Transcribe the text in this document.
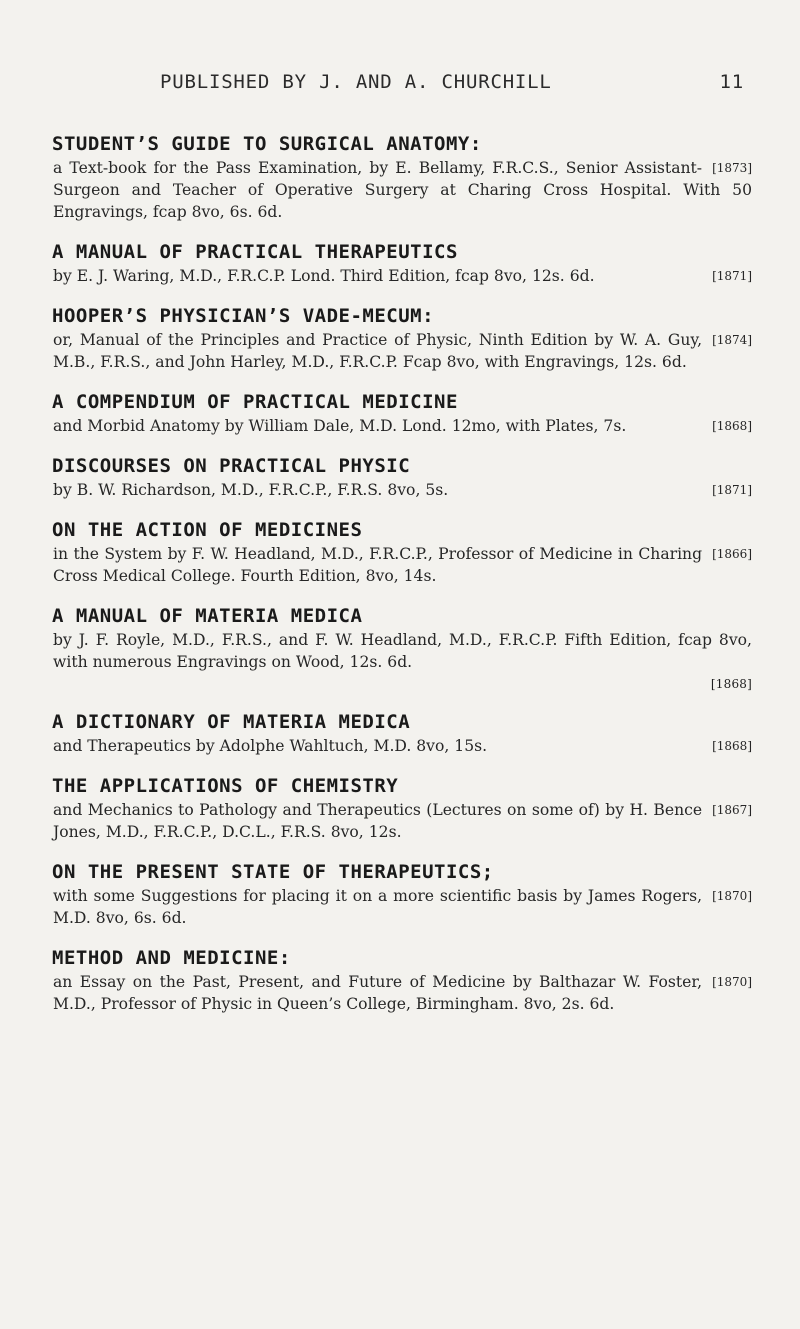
PUBLISHED BY J. AND A. CHURCHILL	11
STUDENT’S GUIDE TO SURGICAL ANATOMY:
[1873]
a Text-book for the Pass Examination, by E. Bellamy, F.R.C.S., Senior Assistant-Surgeon and Teacher of Operative Surgery at Charing Cross Hospital. With 50 Engravings, fcap 8vo, 6s. 6d.
A MANUAL OF PRACTICAL THERAPEUTICS
[1871]
by E. J. Waring, M.D., F.R.C.P. Lond. Third Edition, fcap 8vo, 12s. 6d.
HOOPER’S PHYSICIAN’S VADE-MECUM:
[1874]
or, Manual of the Principles and Practice of Physic, Ninth Edition by W. A. Guy, M.B., F.R.S., and John Harley, M.D., F.R.C.P. Fcap 8vo, with Engravings, 12s. 6d.
A COMPENDIUM OF PRACTICAL MEDICINE
[1868]
and Morbid Anatomy by William Dale, M.D. Lond. 12mo, with Plates, 7s.
DISCOURSES ON PRACTICAL PHYSIC
[1871]
by B. W. Richardson, M.D., F.R.C.P., F.R.S. 8vo, 5s.
ON THE ACTION OF MEDICINES
[1866]
in the System by F. W. Headland, M.D., F.R.C.P., Professor of Medicine in Charing Cross Medical College. Fourth Edition, 8vo, 14s.
A MANUAL OF MATERIA MEDICA
by J. F. Royle, M.D., F.R.S., and F. W. Headland, M.D., F.R.C.P. Fifth Edition, fcap 8vo, with numerous Engravings on Wood, 12s. 6d.
[1868]
A DICTIONARY OF MATERIA MEDICA
[1868]
and Therapeutics by Adolphe Wahltuch, M.D. 8vo, 15s.
THE APPLICATIONS OF CHEMISTRY
[1867]
and Mechanics to Pathology and Therapeutics (Lectures on some of) by H. Bence Jones, M.D., F.R.C.P., D.C.L., F.R.S. 8vo, 12s.
ON THE PRESENT STATE OF THERAPEUTICS;
[1870]
with some Suggestions for placing it on a more scientific basis by James Rogers, M.D. 8vo, 6s. 6d.
METHOD AND MEDICINE:
[1870]
an Essay on the Past, Present, and Future of Medicine by Balthazar W. Foster, M.D., Professor of Physic in Queen’s College, Birmingham. 8vo, 2s. 6d.
